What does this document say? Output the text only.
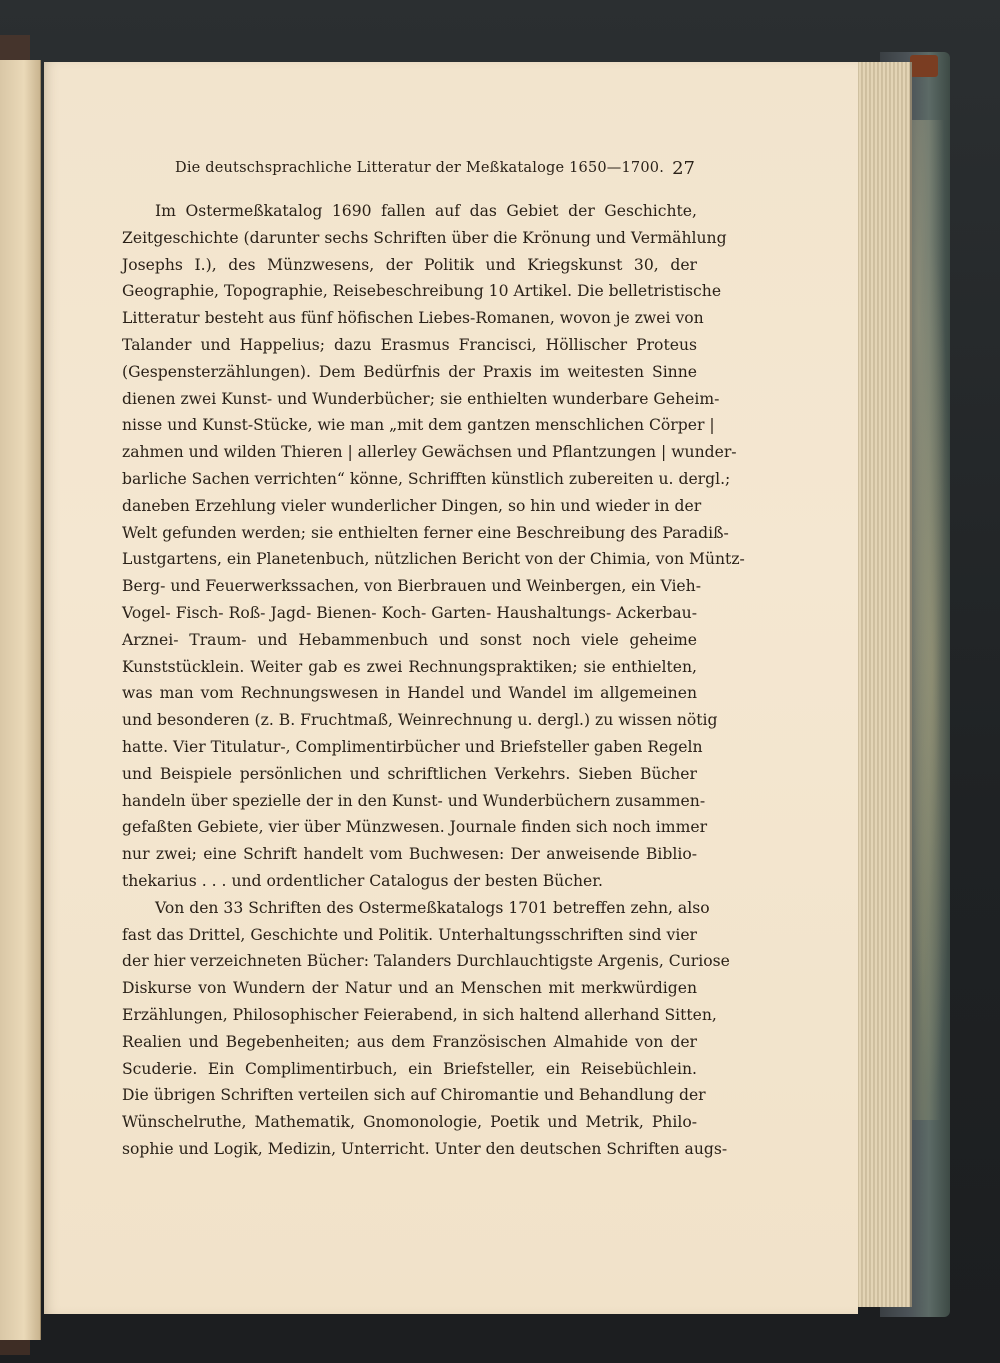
Die deutschsprachliche Litteratur der Meßkataloge 1650—1700. 27
Im Ostermeßkatalog 1690 fallen auf das Gebiet der Geschichte,
Zeitgeschichte (darunter sechs Schriften über die Krönung und Vermählung
Josephs I.), des Münzwesens, der Politik und Kriegskunst 30, der
Geographie, Topographie, Reisebeschreibung 10 Artikel. Die belletristische
Litteratur besteht aus fünf höfischen Liebes-Romanen, wovon je zwei von
Talander und Happelius; dazu Erasmus Francisci, Höllischer Proteus
(Gespensterzählungen). Dem Bedürfnis der Praxis im weitesten Sinne
dienen zwei Kunst- und Wunderbücher; sie enthielten wunderbare Geheim-
nisse und Kunst-Stücke, wie man „mit dem gantzen menschlichen Cörper |
zahmen und wilden Thieren | allerley Gewächsen und Pflantzungen | wunder-
barliche Sachen verrichten“ könne, Schrifften künstlich zubereiten u. dergl.;
daneben Erzehlung vieler wunderlicher Dingen, so hin und wieder in der
Welt gefunden werden; sie enthielten ferner eine Beschreibung des Paradiß-
Lustgartens, ein Planetenbuch, nützlichen Bericht von der Chimia, von Müntz-
Berg- und Feuerwerkssachen, von Bierbrauen und Weinbergen, ein Vieh-
Vogel- Fisch- Roß- Jagd- Bienen- Koch- Garten- Haushaltungs- Ackerbau-
Arznei- Traum- und Hebammenbuch und sonst noch viele geheime
Kunststücklein. Weiter gab es zwei Rechnungspraktiken; sie enthielten,
was man vom Rechnungswesen in Handel und Wandel im allgemeinen
und besonderen (z. B. Fruchtmaß, Weinrechnung u. dergl.) zu wissen nötig
hatte. Vier Titulatur-, Complimentirbücher und Briefsteller gaben Regeln
und Beispiele persönlichen und schriftlichen Verkehrs. Sieben Bücher
handeln über spezielle der in den Kunst- und Wunderbüchern zusammen-
gefaßten Gebiete, vier über Münzwesen. Journale finden sich noch immer
nur zwei; eine Schrift handelt vom Buchwesen: Der anweisende Biblio-
thekarius . . . und ordentlicher Catalogus der besten Bücher.
Von den 33 Schriften des Ostermeßkatalogs 1701 betreffen zehn, also
fast das Drittel, Geschichte und Politik. Unterhaltungsschriften sind vier
der hier verzeichneten Bücher: Talanders Durchlauchtigste Argenis, Curiose
Diskurse von Wundern der Natur und an Menschen mit merkwürdigen
Erzählungen, Philosophischer Feierabend, in sich haltend allerhand Sitten,
Realien und Begebenheiten; aus dem Französischen Almahide von der
Scuderie. Ein Complimentirbuch, ein Briefsteller, ein Reisebüchlein.
Die übrigen Schriften verteilen sich auf Chiromantie und Behandlung der
Wünschelruthe, Mathematik, Gnomonologie, Poetik und Metrik, Philo-
sophie und Logik, Medizin, Unterricht. Unter den deutschen Schriften augs-
